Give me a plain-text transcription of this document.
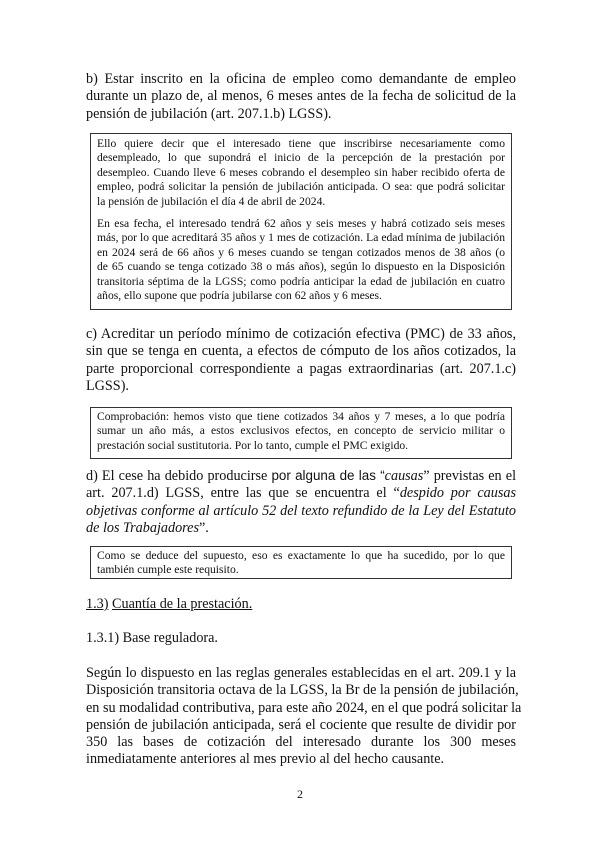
b) Estar inscrito en la oficina de empleo como demandante de empleo
durante un plazo de, al menos, 6 meses antes de la fecha de solicitud de la
pensión de jubilación (art. 207.1.b) LGSS).

Ello quiere decir que el interesado tiene que inscribirse necesariamente como
desempleado, lo que supondrá el inicio de la percepción de la prestación por
desempleo. Cuando lleve 6 meses cobrando el desempleo sin haber recibido oferta de
empleo, podrá solicitar la pensión de jubilación anticipada. O sea: que podrá solicitar
la pensión de jubilación el día 4 de abril de 2024.

En esa fecha, el interesado tendrá 62 años y seis meses y habrá cotizado seis meses
más, por lo que acreditará 35 años y 1 mes de cotización. La edad mínima de jubilación
en 2024 será de 66 años y 6 meses cuando se tengan cotizados menos de 38 años (o
de 65 cuando se tenga cotizado 38 o más años), según lo dispuesto en la Disposición
transitoria séptima de la LGSS; como podría anticipar la edad de jubilación en cuatro
años, ello supone que podría jubilarse con 62 años y 6 meses.

c) Acreditar un período mínimo de cotización efectiva (PMC) de 33 años,
sin que se tenga en cuenta, a efectos de cómputo de los años cotizados, la
parte proporcional correspondiente a pagas extraordinarias (art. 207.1.c)
LGSS).
Comprobación: hemos visto que tiene cotizados 34 años y 7 meses, a lo que podría
sumar un año más, a estos exclusivos efectos, en concepto de servicio militar o
prestación social sustitutoria. Por lo tanto, cumple el PMC exigido.
d) El cese ha debido producirse por alguna de las “causas” previstas en el
art. 207.1.d) LGSS, entre las que se encuentra el “despido por causas
objetivas conforme al artículo 52 del texto refundido de la Ley del Estatuto
de los Trabajadores”.
Como se deduce del supuesto, eso es exactamente lo que ha sucedido, por lo que
también cumple este requisito.
1.3) Cuantía de la prestación.
1.3.1) Base reguladora.
Según lo dispuesto en las reglas generales establecidas en el art. 209.1 y la
Disposición transitoria octava de la LGSS, la Br de la pensión de jubilación,
en su modalidad contributiva, para este año 2024, en el que podrá solicitar la
pensión de jubilación anticipada, será el cociente que resulte de dividir por
350 las bases de cotización del interesado durante los 300 meses
inmediatamente anteriores al mes previo al del hecho causante.
2
